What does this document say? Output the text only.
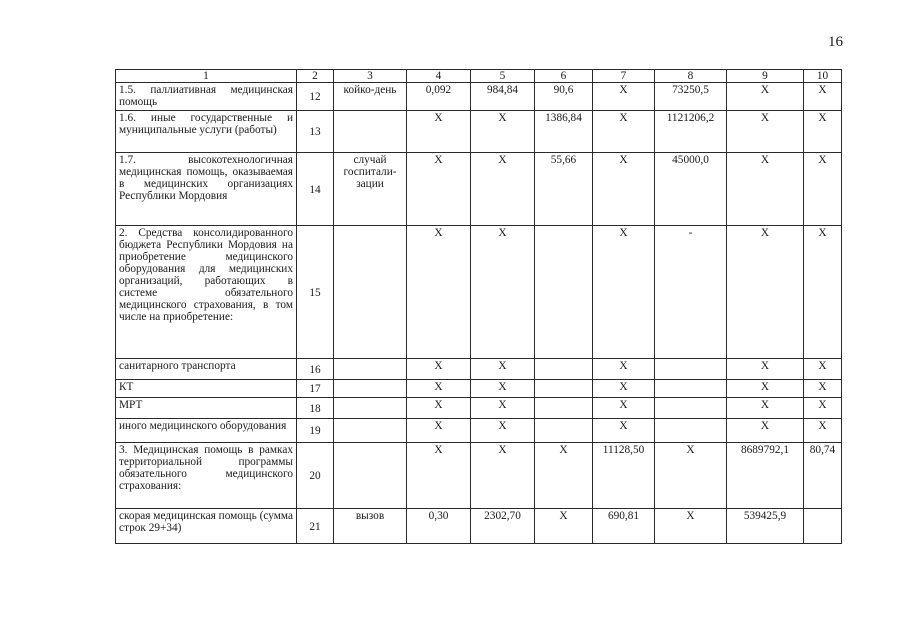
16
1	2	3	4	5	6	7	8	9	10
1.5. паллиативная медицинская помощь	12	койко-день	0,092	984,84	90,6	Х	73250,5	Х	Х
1.6. иные государственные и муниципальные услуги (работы)	13		Х	Х	1386,84	Х	1121206,2	Х	Х
1.7. высокотехнологичная медицинская помощь, оказываемая в медицинских организациях Республики Мордовия	14	случай госпитали-зации	Х	Х	55,66	Х	45000,0	Х	Х
2. Средства консолидированного бюджета Республики Мордовия на приобретение медицинского оборудования для медицинских организаций, работающих в системе обязательного медицинского страхования, в том числе на приобретение:	15		Х	Х		Х	-	Х	Х
санитарного транспорта	16		Х	Х		Х		Х	Х
КТ	17		Х	Х		Х		Х	Х
МРТ	18		Х	Х		Х		Х	Х
иного медицинского оборудования	19		Х	Х		Х		Х	Х
3. Медицинская помощь в рамках территориальной программы обязательного медицинского страхования:	20		Х	Х	Х	11128,50	Х	8689792,1	80,74
скорая медицинская помощь (сумма строк 29+34)	21	вызов	0,30	2302,70	Х	690,81	Х	539425,9	
